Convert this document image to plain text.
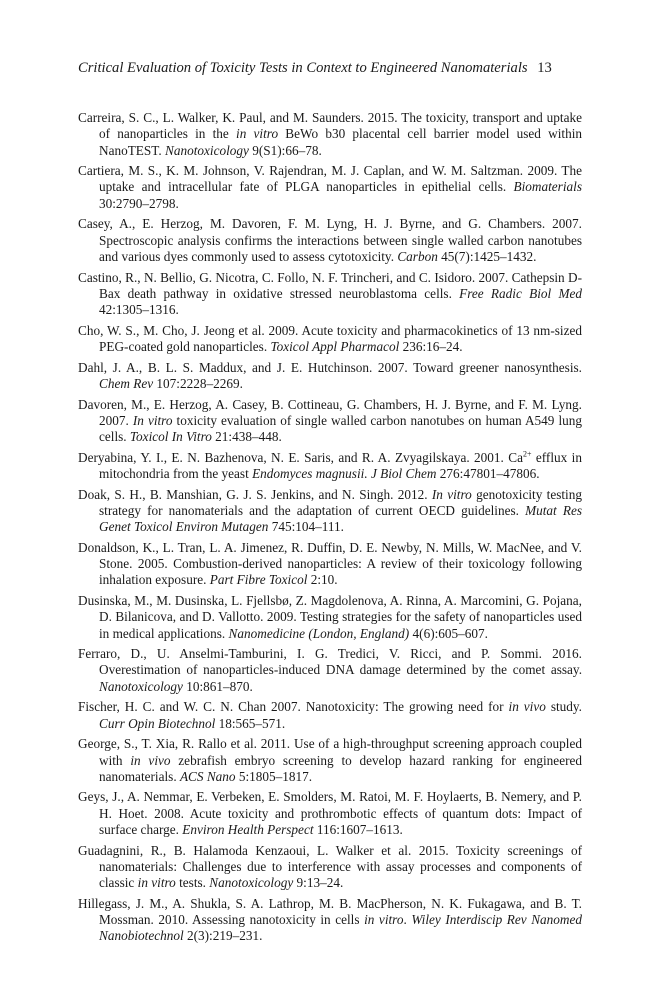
Critical Evaluation of Toxicity Tests in Context to Engineered Nanomaterials 13
Carreira, S. C., L. Walker, K. Paul, and M. Saunders. 2015. The toxicity, transport and uptake of nanoparticles in the in vitro BeWo b30 placental cell barrier model used within NanoTEST. Nanotoxicology 9(S1):66–78.
Cartiera, M. S., K. M. Johnson, V. Rajendran, M. J. Caplan, and W. M. Saltzman. 2009. The uptake and intracellular fate of PLGA nanoparticles in epithelial cells. Biomaterials 30:2790–2798.
Casey, A., E. Herzog, M. Davoren, F. M. Lyng, H. J. Byrne, and G. Chambers. 2007. Spectroscopic analysis confirms the interactions between single walled carbon nanotubes and various dyes commonly used to assess cytotoxicity. Carbon 45(7):1425–1432.
Castino, R., N. Bellio, G. Nicotra, C. Follo, N. F. Trincheri, and C. Isidoro. 2007. Cathepsin D-Bax death pathway in oxidative stressed neuroblastoma cells. Free Radic Biol Med 42:1305–1316.
Cho, W. S., M. Cho, J. Jeong et al. 2009. Acute toxicity and pharmacokinetics of 13 nm-sized PEG-coated gold nanoparticles. Toxicol Appl Pharmacol 236:16–24.
Dahl, J. A., B. L. S. Maddux, and J. E. Hutchinson. 2007. Toward greener nanosynthesis. Chem Rev 107:2228–2269.
Davoren, M., E. Herzog, A. Casey, B. Cottineau, G. Chambers, H. J. Byrne, and F. M. Lyng. 2007. In vitro toxicity evaluation of single walled carbon nanotubes on human A549 lung cells. Toxicol In Vitro 21:438–448.
Deryabina, Y. I., E. N. Bazhenova, N. E. Saris, and R. A. Zvyagilskaya. 2001. $Ca^{2+}$ efflux in mitochondria from the yeast Endomyces magnusii. J Biol Chem 276:47801–47806.
Doak, S. H., B. Manshian, G. J. S. Jenkins, and N. Singh. 2012. In vitro genotoxicity testing strategy for nanomaterials and the adaptation of current OECD guidelines. Mutat Res Genet Toxicol Environ Mutagen 745:104–111.
Donaldson, K., L. Tran, L. A. Jimenez, R. Duffin, D. E. Newby, N. Mills, W. MacNee, and V. Stone. 2005. Combustion-derived nanoparticles: A review of their toxicology following inhalation exposure. Part Fibre Toxicol 2:10.
Dusinska, M., M. Dusinska, L. Fjellsbø, Z. Magdolenova, A. Rinna, A. Marcomini, G. Pojana, D. Bilanicova, and D. Vallotto. 2009. Testing strategies for the safety of nanoparticles used in medical applications. Nanomedicine (London, England) 4(6):605–607.
Ferraro, D., U. Anselmi-Tamburini, I. G. Tredici, V. Ricci, and P. Sommi. 2016. Overestimation of nanoparticles-induced DNA damage determined by the comet assay. Nanotoxicology 10:861–870.
Fischer, H. C. and W. C. N. Chan 2007. Nanotoxicity: The growing need for in vivo study. Curr Opin Biotechnol 18:565–571.
George, S., T. Xia, R. Rallo et al. 2011. Use of a high-throughput screening approach coupled with in vivo zebrafish embryo screening to develop hazard ranking for engineered nanomaterials. ACS Nano 5:1805–1817.
Geys, J., A. Nemmar, E. Verbeken, E. Smolders, M. Ratoi, M. F. Hoylaerts, B. Nemery, and P. H. Hoet. 2008. Acute toxicity and prothrombotic effects of quantum dots: Impact of surface charge. Environ Health Perspect 116:1607–1613.
Guadagnini, R., B. Halamoda Kenzaoui, L. Walker et al. 2015. Toxicity screenings of nanomaterials: Challenges due to interference with assay processes and components of classic in vitro tests. Nanotoxicology 9:13–24.
Hillegass, J. M., A. Shukla, S. A. Lathrop, M. B. MacPherson, N. K. Fukagawa, and B. T. Mossman. 2010. Assessing nanotoxicity in cells in vitro. Wiley Interdiscip Rev Nanomed Nanobiotechnol 2(3):219–231.
